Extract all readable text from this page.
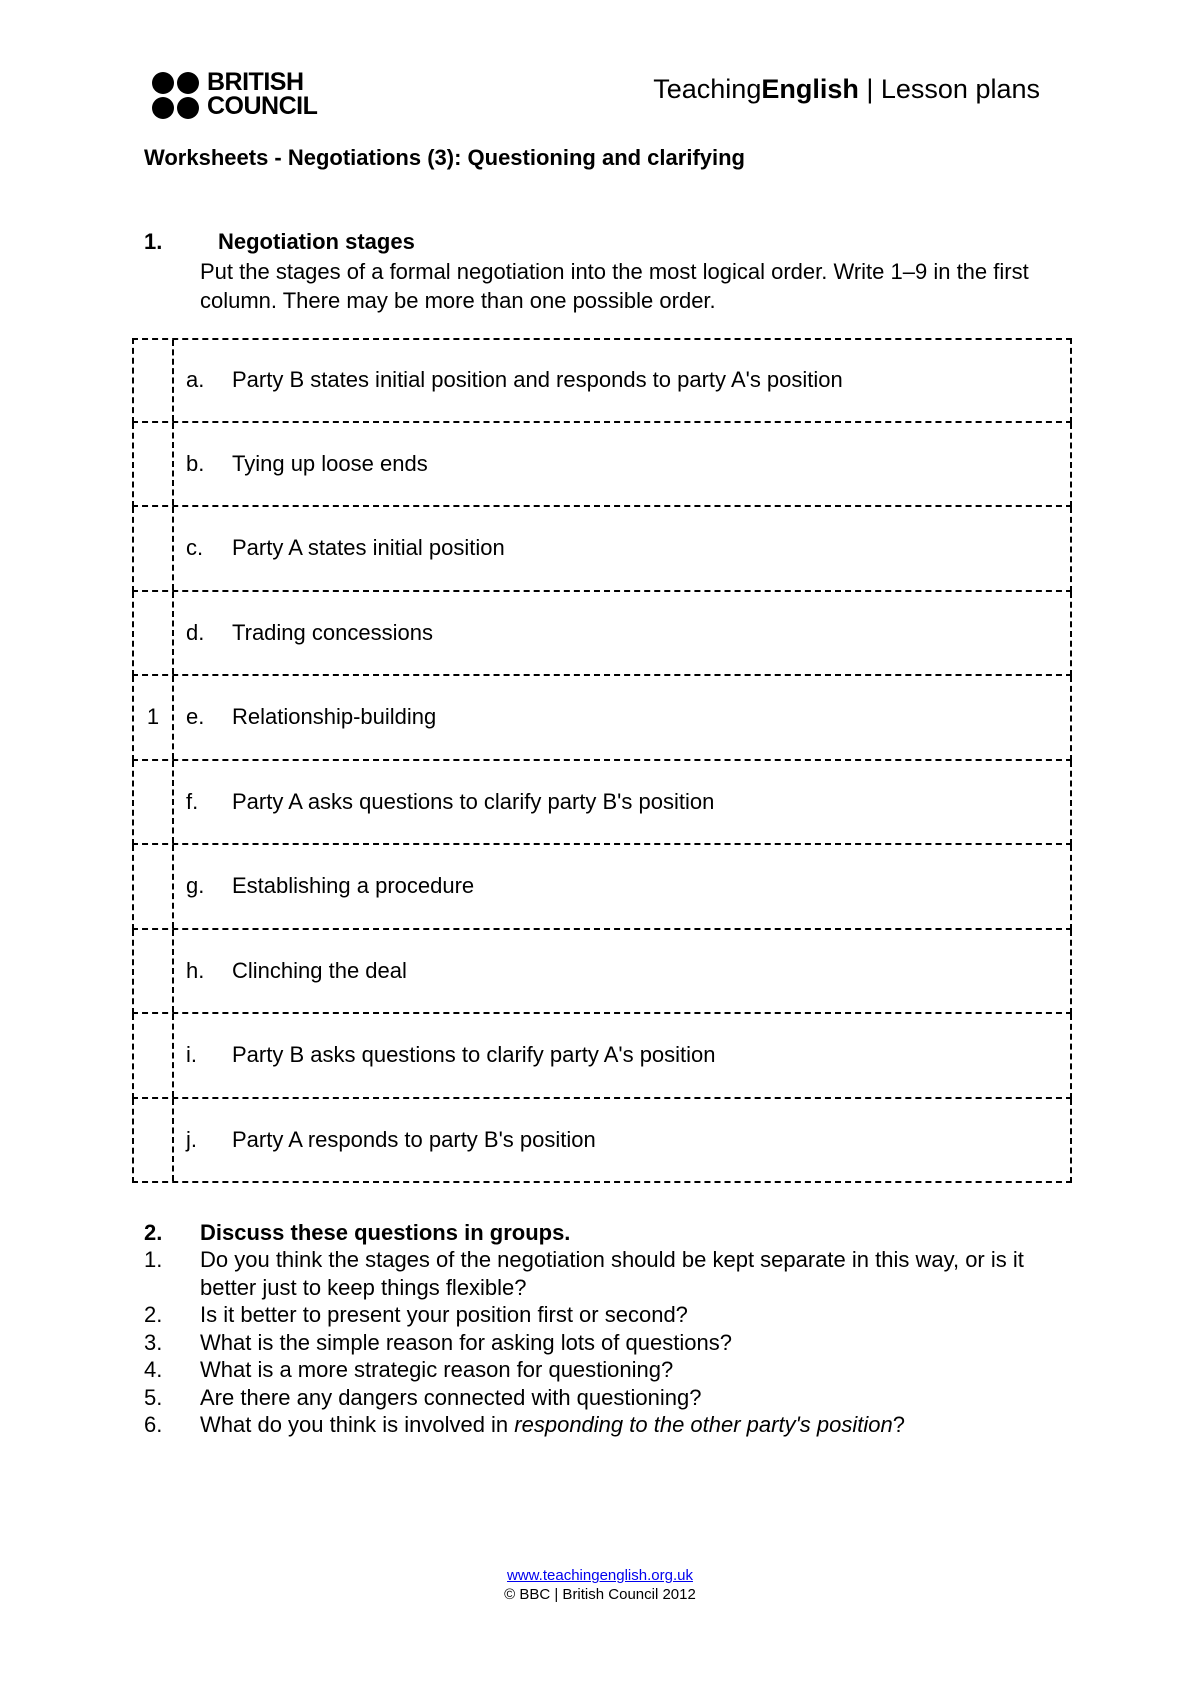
BRITISH
COUNCIL
TeachingEnglish | Lesson plans
Worksheets - Negotiations (3): Questioning and clarifying
1.	Negotiation stages
Put the stages of a formal negotiation into the most logical order. Write 1–9 in the first column. There may be more than one possible order.
a.	Party B states initial position and responds to party A's position
b.	Tying up loose ends
c.	Party A states initial position
d.	Trading concessions
1	e.	Relationship-building
f.	Party A asks questions to clarify party B's position
g.	Establishing a procedure
h.	Clinching the deal
i.	Party B asks questions to clarify party A's position
j.	Party A responds to party B's position
2. Discuss these questions in groups.
1.	Do you think the stages of the negotiation should be kept separate in this way, or is it better just to keep things flexible?
2.	Is it better to present your position first or second?
3.	What is the simple reason for asking lots of questions?
4.	What is a more strategic reason for questioning?
5.	Are there any dangers connected with questioning?
6.	What do you think is involved in responding to the other party's position?
www.teachingenglish.org.uk
© BBC | British Council 2012
